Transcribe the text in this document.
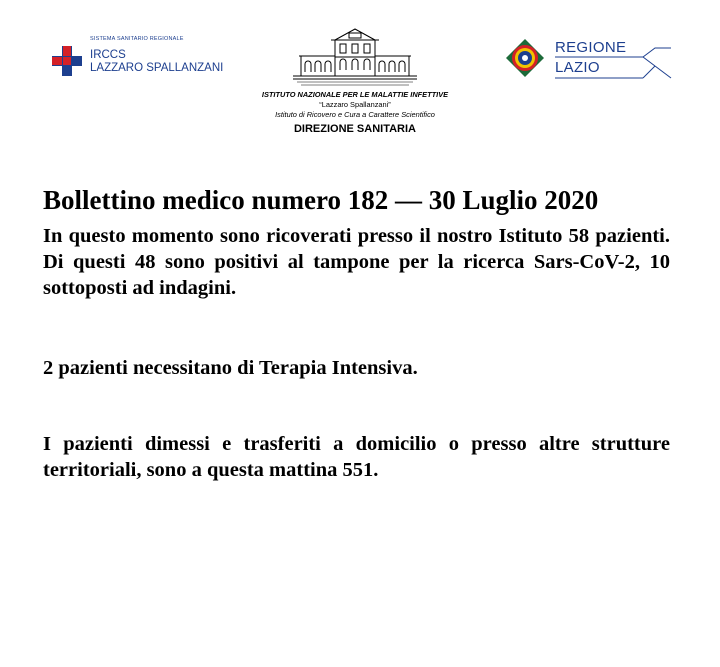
SISTEMA SANITARIO REGIONALE
IRCCS
LAZZARO SPALLANZANI
ISTITUTO NAZIONALE PER LE MALATTIE INFETTIVE
“Lazzaro Spallanzani”
Istituto di Ricovero e Cura a Carattere Scientifico
DIREZIONE SANITARIA
REGIONE
LAZIO
Bollettino medico numero 182 — 30 Luglio 2020

In questo momento sono ricoverati presso il nostro Istituto 58 pazienti. Di questi 48 sono positivi al tampone per la ricerca Sars-CoV-2, 10 sottoposti ad indagini.

2 pazienti necessitano di Terapia Intensiva.

I pazienti dimessi e trasferiti a domicilio o presso altre strutture territoriali, sono a questa mattina 551.
